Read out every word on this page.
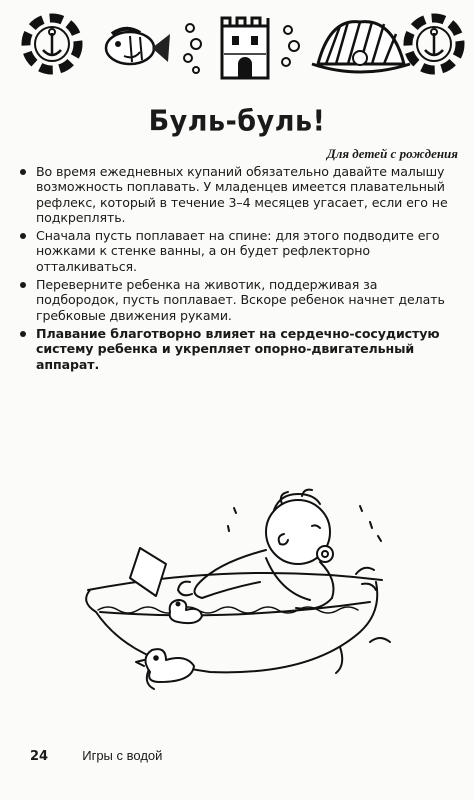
Буль-буль!
Для детей с рождения
Во время ежедневных купаний обязательно давайте малышу возможность поплавать. У младенцев имеется плавательный рефлекс, который в течение 3–4 месяцев угасает, если его не подкреплять.
Сначала пусть поплавает на спине: для этого подводите его ножками к стенке ванны, а он будет рефлекторно отталкиваться.
Переверните ребенка на животик, поддерживая за подбородок, пусть поплавает. Вскоре ребенок начнет делать гребковые движения руками.
Плавание благотворно влияет на сердечно-сосудистую систему ребенка и укрепляет опорно-двигательный аппарат.
24	Игры с водой
